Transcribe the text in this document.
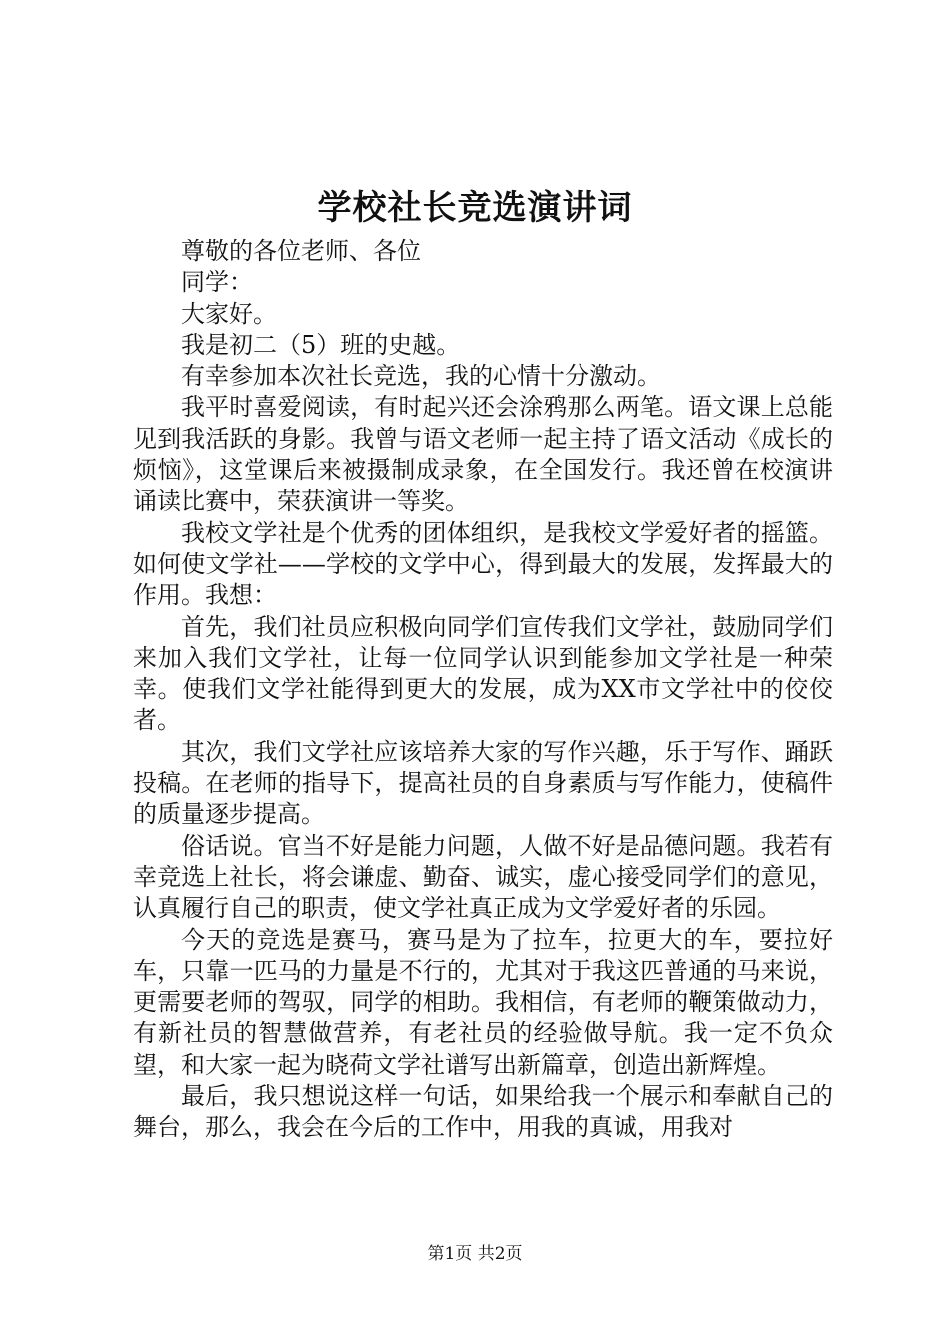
学校社长竞选演讲词

尊敬的各位老师、各位

同学：

大家好。

我是初二（5）班的史越。

有幸参加本次社长竞选，我的心情十分激动。

我平时喜爱阅读，有时起兴还会涂鸦那么两笔。语文课上总能见到我活跃的身影。我曾与语文老师一起主持了语文活动《成长的烦恼》，这堂课后来被摄制成录象，在全国发行。我还曾在校演讲诵读比赛中，荣获演讲一等奖。

我校文学社是个优秀的团体组织，是我校文学爱好者的摇篮。如何使文学社——学校的文学中心，得到最大的发展，发挥最大的作用。我想：

首先，我们社员应积极向同学们宣传我们文学社，鼓励同学们来加入我们文学社，让每一位同学认识到能参加文学社是一种荣幸。使我们文学社能得到更大的发展，成为XX市文学社中的佼佼者。

其次，我们文学社应该培养大家的写作兴趣，乐于写作、踊跃投稿。在老师的指导下，提高社员的自身素质与写作能力，使稿件的质量逐步提高。

俗话说。官当不好是能力问题，人做不好是品德问题。我若有幸竞选上社长，将会谦虚、勤奋、诚实，虚心接受同学们的意见，认真履行自己的职责，使文学社真正成为文学爱好者的乐园。

今天的竞选是赛马，赛马是为了拉车，拉更大的车，要拉好车，只靠一匹马的力量是不行的，尤其对于我这匹普通的马来说，更需要老师的驾驭，同学的相助。我相信，有老师的鞭策做动力，有新社员的智慧做营养，有老社员的经验做导航。我一定不负众望，和大家一起为晓荷文学社谱写出新篇章，创造出新辉煌。

最后，我只想说这样一句话，如果给我一个展示和奉献自己的舞台，那么，我会在今后的工作中，用我的真诚，用我对

第1页 共2页
